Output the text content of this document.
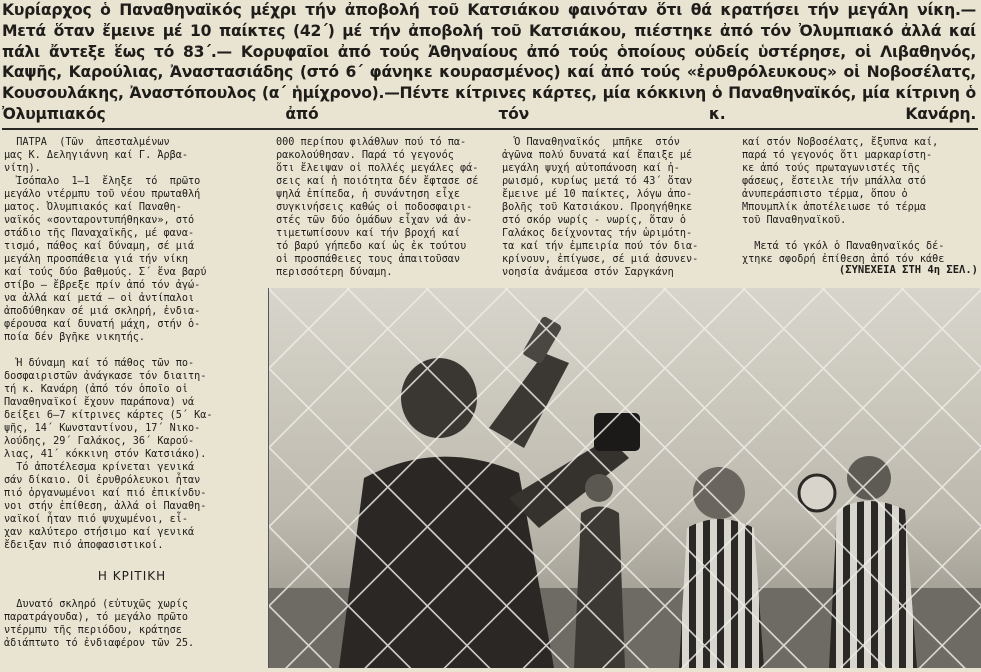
Κυρίαρχος ὁ Παναθηναϊκός μέχρι τήν ἀποβολή τοῦ Κατσιάκου φαινόταν ὅτι θά κρατήσει τήν μεγάλη νίκη.— Μετά ὅταν ἔμεινε μέ 10 παίκτες (42΄) μέ τήν ἀποβολή τοῦ Κατσιάκου, πιέστηκε ἀπό τόν Ὀλυμπιακό ἀλλά καί πάλι ἄντεξε ἕως τό 83΄.— Κορυφαῖοι ἀπό τούς Ἀθηναίους ἀπό τούς ὁποίους οὐδείς ὑστέρησε, οἱ Λιβαθηνός, Καψῆς, Καρούλιας, Ἀναστασιάδης (στό 6΄ φάνηκε κουρασμένος) καί ἀπό τούς «ἐρυθρόλευκους» οἱ Νοβοσέλατς, Κουσουλάκης, Ἀναστόπουλος (α΄ ἡμίχρονο).—Πέντε κίτρινες κάρτες, μία κόκκινη ὁ Παναθηναϊκός, μία κίτρινη ὁ Ὀλυμπιακός ἀπό τόν κ. Κανάρη.

ΠΑΤΡΑ  (Τῶν  ἀπεσταλμένων
μας Κ. Δεληγιάννη καί Γ. Ἀρβα-
νίτη).
Ἰσόπαλο  1—1  ἔληξε  τό  πρῶτο
μεγάλο ντέρμπυ τοῦ νέου πρωταθλή
ματος. Ὀλυμπιακός καί Παναθη-
ναϊκός «σονταροντυπήθηκαν», στό
στάδιο τῆς Παναχαϊκῆς, μέ φανα-
τισμό, πάθος καί δύναμη, σέ μιά
μεγάλη προσπάθεια γιά τήν νίκη
καί τούς δύο βαθμούς. Σ΄ ἕνα βαρύ
στίβο — ἔβρεξε πρίν ἀπό τόν ἀγώ-
να ἀλλά καί μετά — οἱ ἀντίπαλοι
ἀποδύθηκαν σέ μιά σκληρή, ἐνδια-
φέρουσα καί δυνατή μάχη, στήν ὁ-
ποία δέν βγῆκε νικητής.

Ἡ δύναμη καί τό πάθος τῶν πο-
δοσφαιριστῶν ἀνάγκασε τόν διαιτη-
τή κ. Κανάρη (ἀπό τόν ὁποῖο οἱ
Παναθηναϊκοί ἔχουν παράπονα) νά
δείξει 6—7 κίτρινες κάρτες (5΄ Κα-
ψῆς, 14΄ Κωνσταντίνου, 17΄ Νικο-
λούδης, 29΄ Γαλάκος, 36΄ Καρού-
λιας, 41΄ κόκκινη στόν Κατσιάκο).
Τό ἀποτέλεσμα κρίνεται γενικά
σάν δίκαιο. Οἱ ἐρυθρόλευκοι ἦταν
πιό ὀργανωμένοι καί πιό ἐπικίνδυ-
νοι στήν ἐπίθεση, ἀλλά οἱ Παναθη-
ναϊκοί ἦταν πιό ψυχωμένοι, εἶ-
χαν καλύτερο στήσιμο καί γενικά
ἔδειξαν πιό ἀποφασιστικοί.

Η ΚΡΙΤΙΚΗ

Δυνατό σκληρό (εὐτυχῶς χωρίς
παρατράγουδα), τό μεγάλο πρῶτο
ντέρμπυ τῆς περιόδου, κράτησε
ἀδιάπτωτο τό ἐνδιαφέρον τῶν 25.

000 περίπου φιλάθλων πού τό πα-
ρακολούθησαν. Παρά τό γεγονός
ὅτι ἔλειψαν οἱ πολλές μεγάλες φά-
σεις καί ἡ ποιότητα δέν ἔφτασε σέ
ψηλά ἐπίπεδα, ἡ συνάντηση εἶχε
συγκινήσεις καθώς οἱ ποδοσφαιρι-
στές τῶν δύο ὁμάδων εἶχαν νά ἀν-
τιμετωπίσουν καί τήν βροχή καί
τό βαρύ γήπεδο καί ὡς ἐκ τούτου
οἱ προσπάθειες τους ἀπαιτοῦσαν
περισσότερη δύναμη.

Ὁ Παναθηναϊκός  μπῆκε  στόν
ἀγῶνα πολύ δυνατά καί ἔπαιξε μέ
μεγάλη ψυχή αὐτοπάνοση καί ἠ-
ρωισμό, κυρίως μετά τό 43΄ ὅταν
ἔμεινε μέ 10 παίκτες, λόγω ἀπο-
βολῆς τοῦ Κατσιάκου. Προηγήθηκε
στό σκόρ νωρίς - νωρίς, ὅταν ὁ
Γαλάκος δείχνοντας τήν ὡριμότη-
τα καί τήν ἐμπειρία πού τόν δια-
κρίνουν, ἐπίγωσε, σέ μιά ἀσυνεν-
νοησία ἀνάμεσα στόν Σαργκάνη

καί στόν Νοβοσέλατς, ἔξυπνα καί,
παρά τό γεγονός ὅτι μαρκαρίστη-
κε ἀπό τούς πρωταγωνιστές τῆς
φάσεως, ἔστειλε τήν μπάλλα στό
ἀνυπεράσπιστο τέρμα, ὅπου ὁ
Μπουμπλίκ ἀποτέλειωσε τό τέρμα
τοῦ Παναθηναϊκοῦ.

Μετά τό γκόλ ὁ Παναθηναϊκός δέ-
χτηκε σφοδρή ἐπίθεση ἀπό τόν κάθε

(ΣΥΝΕΧΕΙΑ ΣΤΗ 4η ΣΕΛ.)
